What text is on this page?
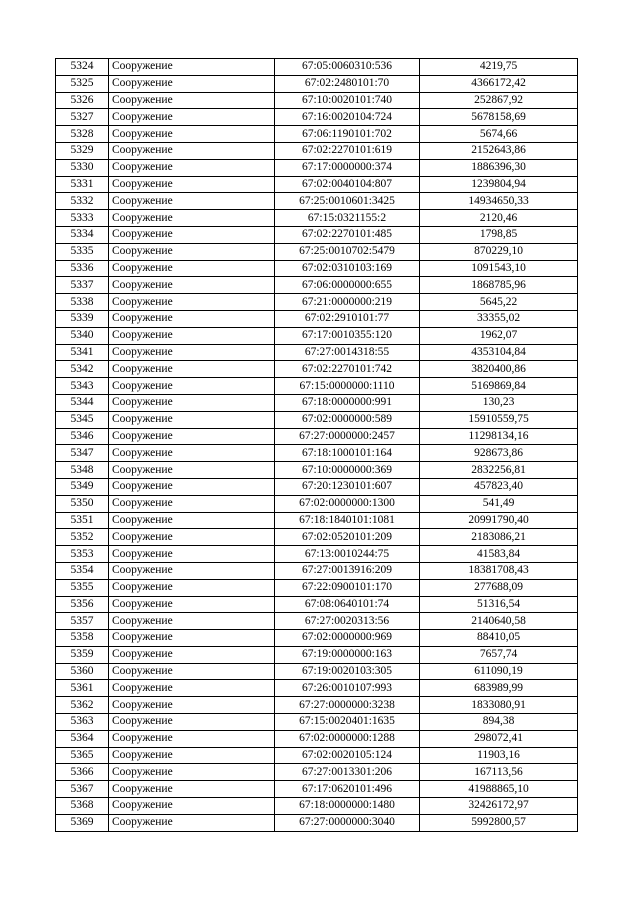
5324	Сооружение	67:05:0060310:536	4219,75
5325	Сооружение	67:02:2480101:70	4366172,42
5326	Сооружение	67:10:0020101:740	252867,92
5327	Сооружение	67:16:0020104:724	5678158,69
5328	Сооружение	67:06:1190101:702	5674,66
5329	Сооружение	67:02:2270101:619	2152643,86
5330	Сооружение	67:17:0000000:374	1886396,30
5331	Сооружение	67:02:0040104:807	1239804,94
5332	Сооружение	67:25:0010601:3425	14934650,33
5333	Сооружение	67:15:0321155:2	2120,46
5334	Сооружение	67:02:2270101:485	1798,85
5335	Сооружение	67:25:0010702:5479	870229,10
5336	Сооружение	67:02:0310103:169	1091543,10
5337	Сооружение	67:06:0000000:655	1868785,96
5338	Сооружение	67:21:0000000:219	5645,22
5339	Сооружение	67:02:2910101:77	33355,02
5340	Сооружение	67:17:0010355:120	1962,07
5341	Сооружение	67:27:0014318:55	4353104,84
5342	Сооружение	67:02:2270101:742	3820400,86
5343	Сооружение	67:15:0000000:1110	5169869,84
5344	Сооружение	67:18:0000000:991	130,23
5345	Сооружение	67:02:0000000:589	15910559,75
5346	Сооружение	67:27:0000000:2457	11298134,16
5347	Сооружение	67:18:1000101:164	928673,86
5348	Сооружение	67:10:0000000:369	2832256,81
5349	Сооружение	67:20:1230101:607	457823,40
5350	Сооружение	67:02:0000000:1300	541,49
5351	Сооружение	67:18:1840101:1081	20991790,40
5352	Сооружение	67:02:0520101:209	2183086,21
5353	Сооружение	67:13:0010244:75	41583,84
5354	Сооружение	67:27:0013916:209	18381708,43
5355	Сооружение	67:22:0900101:170	277688,09
5356	Сооружение	67:08:0640101:74	51316,54
5357	Сооружение	67:27:0020313:56	2140640,58
5358	Сооружение	67:02:0000000:969	88410,05
5359	Сооружение	67:19:0000000:163	7657,74
5360	Сооружение	67:19:0020103:305	611090,19
5361	Сооружение	67:26:0010107:993	683989,99
5362	Сооружение	67:27:0000000:3238	1833080,91
5363	Сооружение	67:15:0020401:1635	894,38
5364	Сооружение	67:02:0000000:1288	298072,41
5365	Сооружение	67:02:0020105:124	11903,16
5366	Сооружение	67:27:0013301:206	167113,56
5367	Сооружение	67:17:0620101:496	41988865,10
5368	Сооружение	67:18:0000000:1480	32426172,97
5369	Сооружение	67:27:0000000:3040	5992800,57
